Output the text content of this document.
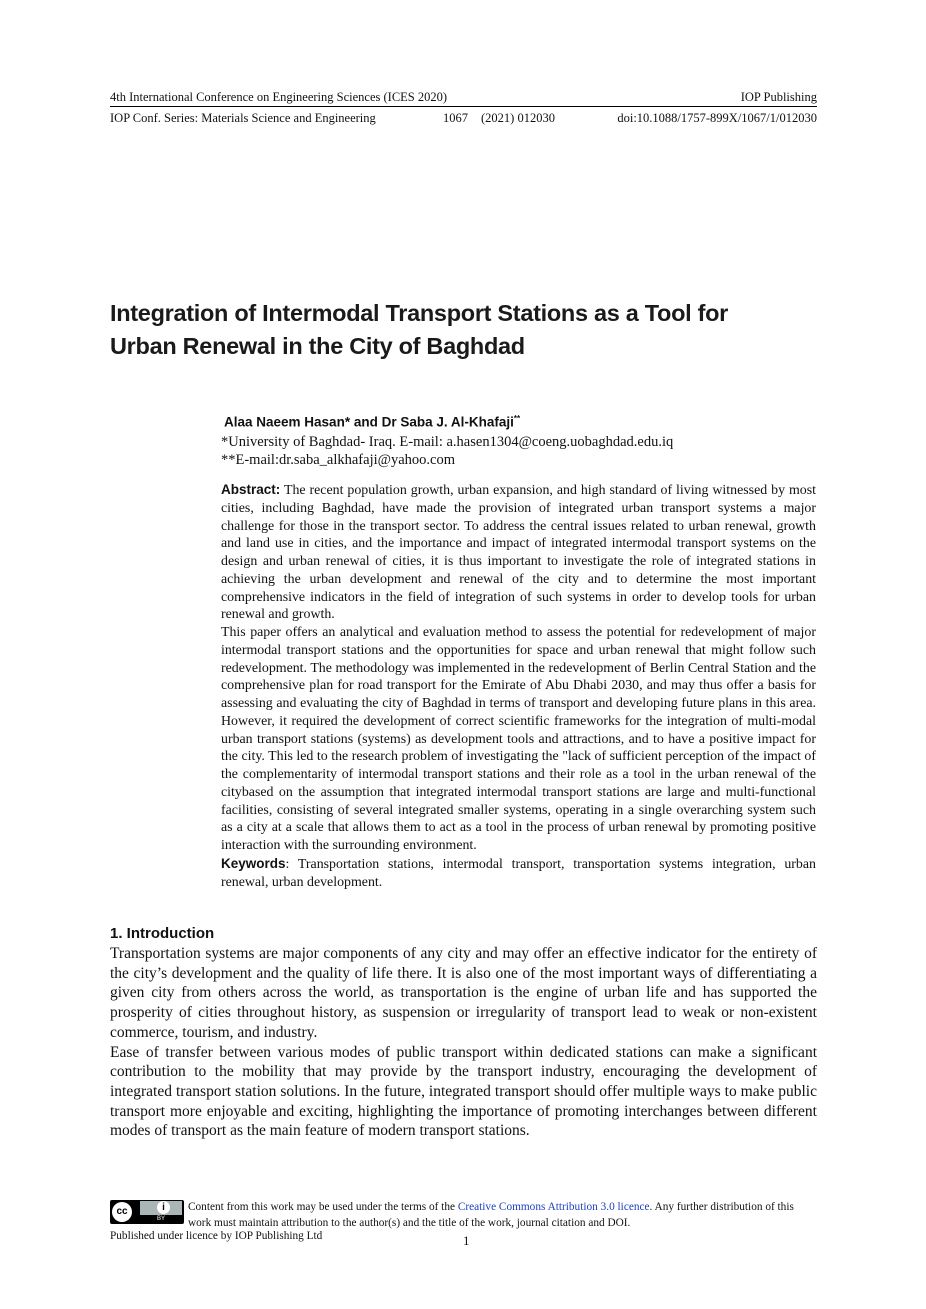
4th International Conference on Engineering Sciences (ICES 2020)	IOP Publishing
IOP Conf. Series: Materials Science and Engineering	1067 (2021) 012030	doi:10.1088/1757-899X/1067/1/012030
Integration of Intermodal Transport Stations as a Tool for
Urban Renewal in the City of Baghdad
Alaa Naeem Hasan* and Dr Saba J. Al-Khafaji**
*University of Baghdad- Iraq. E-mail: a.hasen1304@coeng.uobaghdad.edu.iq
**E-mail:dr.saba_alkhafaji@yahoo.com

Abstract: The recent population growth, urban expansion, and high standard of living witnessed by most cities, including Baghdad, have made the provision of integrated urban transport systems a major challenge for those in the transport sector. To address the central issues related to urban renewal, growth and land use in cities, and the importance and impact of integrated intermodal transport systems on the design and urban renewal of cities, it is thus important to investigate the role of integrated stations in achieving the urban development and renewal of the city and to determine the most important comprehensive indicators in the field of integration of such systems in order to develop tools for urban renewal and growth.

This paper offers an analytical and evaluation method to assess the potential for redevelopment of major intermodal transport stations and the opportunities for space and urban renewal that might follow such redevelopment. The methodology was implemented in the redevelopment of Berlin Central Station and the comprehensive plan for road transport for the Emirate of Abu Dhabi 2030, and may thus offer a basis for assessing and evaluating the city of Baghdad in terms of transport and developing future plans in this area. However, it required the development of correct scientific frameworks for the integration of multi-modal urban transport stations (systems) as development tools and attractions, and to have a positive impact for the city. This led to the research problem of investigating the "lack of sufficient perception of the impact of the complementarity of intermodal transport stations and their role as a tool in the urban renewal of the citybased on the assumption that integrated intermodal transport stations are large and multi-functional facilities, consisting of several integrated smaller systems, operating in a single overarching system such as a city at a scale that allows them to act as a tool in the process of urban renewal by promoting positive interaction with the surrounding environment.

Keywords: Transportation stations, intermodal transport, transportation systems integration, urban renewal, urban development.

1. Introduction

Transportation systems are major components of any city and may offer an effective indicator for the entirety of the city’s development and the quality of life there. It is also one of the most important ways of differentiating a given city from others across the world, as transportation is the engine of urban life and has supported the prosperity of cities throughout history, as suspension or irregularity of transport lead to weak or non-existent commerce, tourism, and industry.

Ease of transfer between various modes of public transport within dedicated stations can make a significant contribution to the mobility that may provide by the transport industry, encouraging the development of integrated transport station solutions. In the future, integrated transport should offer multiple ways to make public transport more enjoyable and exciting, highlighting the importance of promoting interchanges between different modes of transport as the main feature of modern transport stations.

cc	i
BY
Content from this work may be used under the terms of the Creative Commons Attribution 3.0 licence. Any further distribution of this work must maintain attribution to the author(s) and the title of the work, journal citation and DOI.
Published under licence by IOP Publishing Ltd	1
